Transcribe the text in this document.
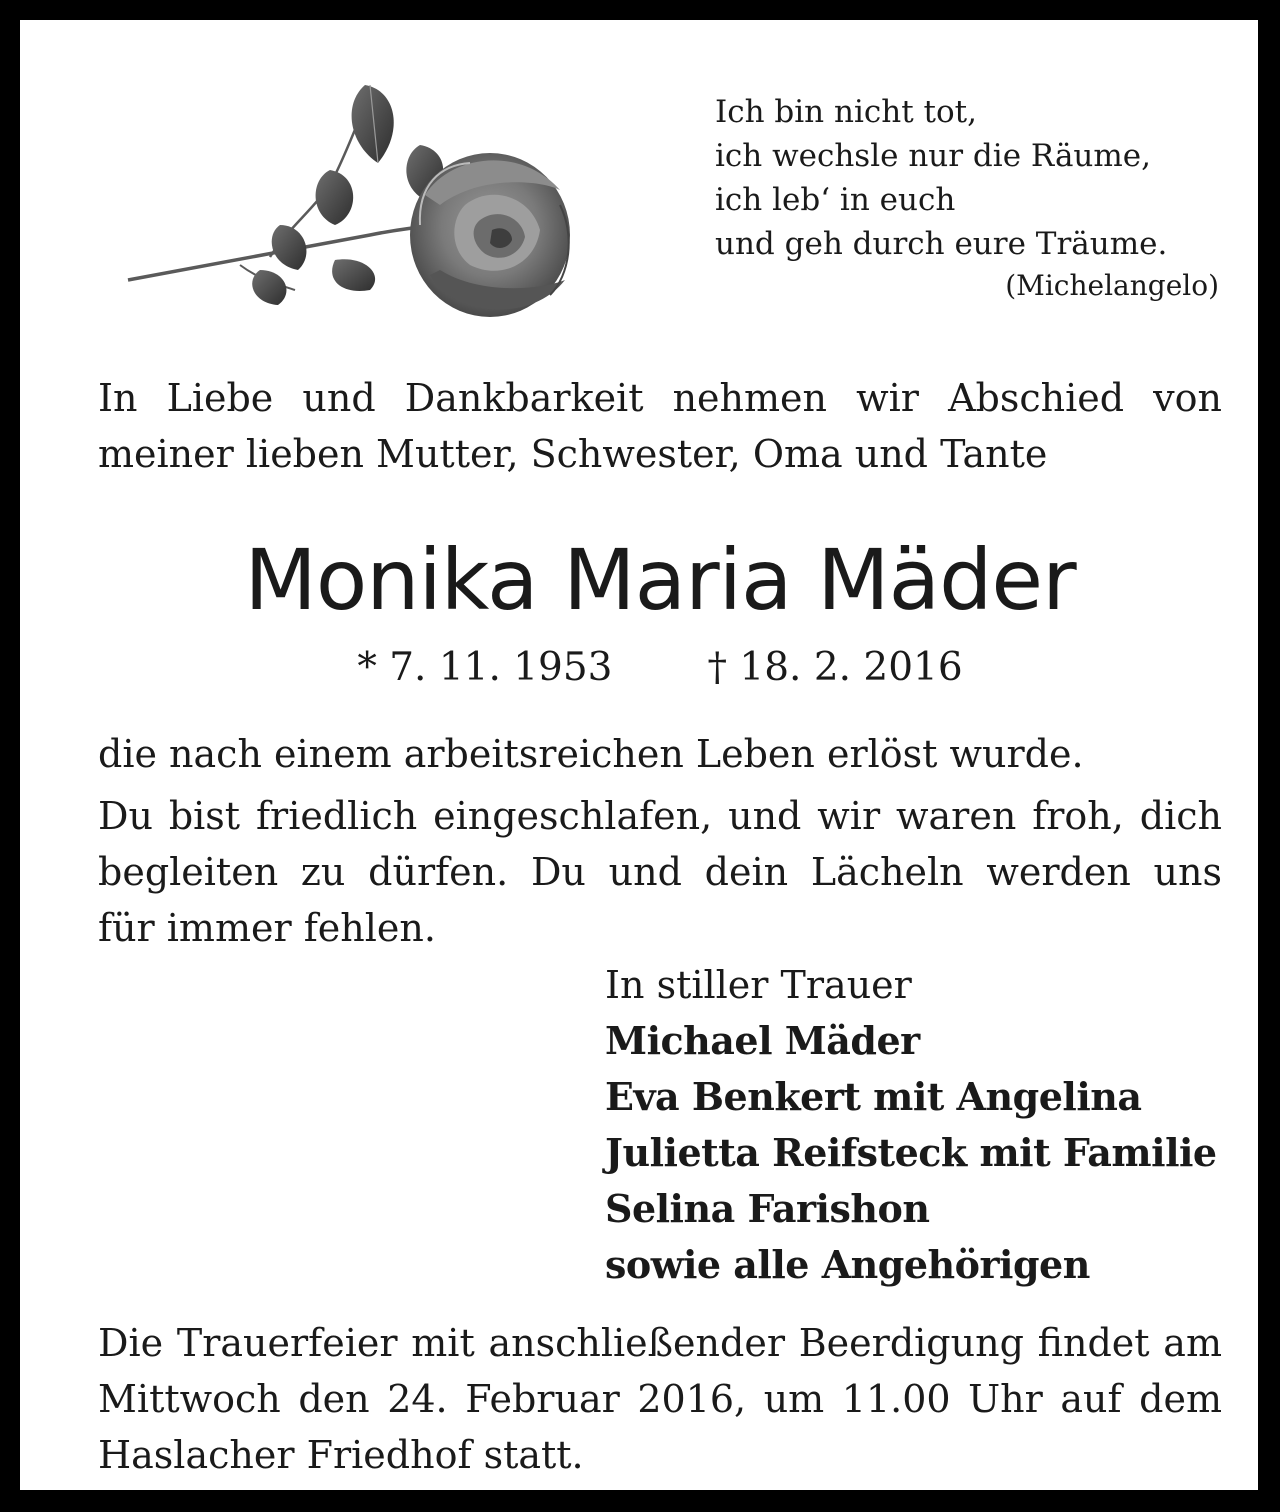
Ich bin nicht tot,
ich wechsle nur die Räume,
ich leb‘ in euch
und geh durch eure Träume.
(Michelangelo)
In Liebe und Dankbarkeit nehmen wir Abschied von
meiner lieben Mutter, Schwester, Oma und Tante
Monika Maria Mäder
* 7. 11. 1953 † 18. 2. 2016
die nach einem arbeitsreichen Leben erlöst wurde.
Du bist friedlich eingeschlafen, und wir waren froh, dich
begleiten zu dürfen. Du und dein Lächeln werden uns
für immer fehlen.
In stiller Trauer
Michael Mäder
Eva Benkert mit Angelina
Julietta Reifsteck mit Familie
Selina Farishon
sowie alle Angehörigen
Die Trauerfeier mit anschließender Beerdigung findet am
Mittwoch den 24. Februar 2016, um 11.00 Uhr auf dem
Haslacher Friedhof statt.
